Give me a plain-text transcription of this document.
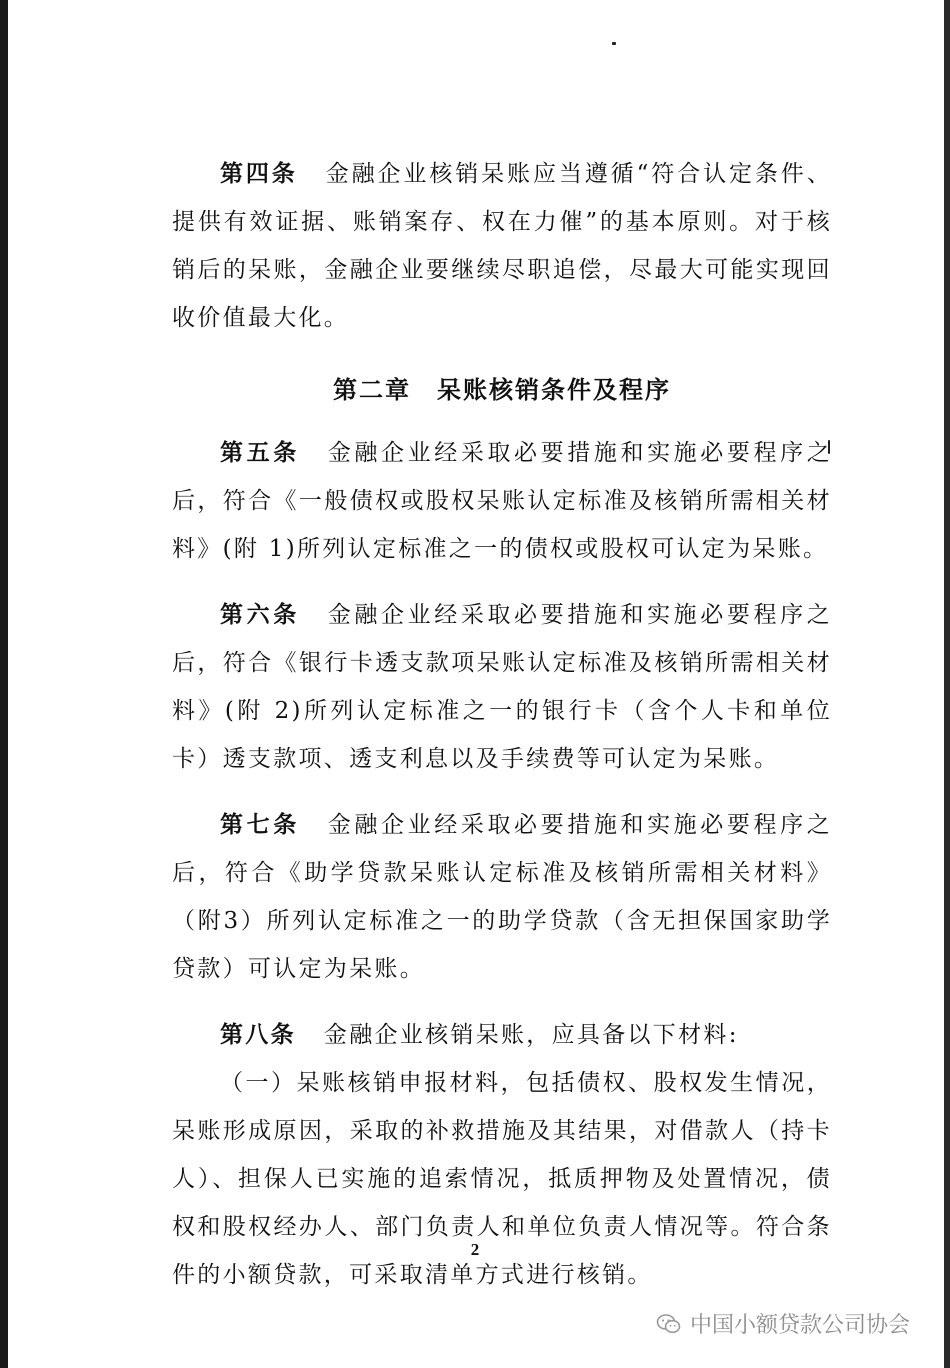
第四条 金融企业核销呆账应当遵循“符合认定条件、提供有效证据、账销案存、权在力催”的基本原则。对于核销后的呆账，金融企业要继续尽职追偿，尽最大可能实现回收价值最大化。

第二章　呆账核销条件及程序

第五条 金融企业经采取必要措施和实施必要程序之后，符合《一般债权或股权呆账认定标准及核销所需相关材料》(附 1)所列认定标准之一的债权或股权可认定为呆账。

第六条 金融企业经采取必要措施和实施必要程序之后，符合《银行卡透支款项呆账认定标准及核销所需相关材料》(附 2)所列认定标准之一的银行卡（含个人卡和单位卡）透支款项、透支利息以及手续费等可认定为呆账。

第七条 金融企业经采取必要措施和实施必要程序之后，符合《助学贷款呆账认定标准及核销所需相关材料》（附3）所列认定标准之一的助学贷款（含无担保国家助学贷款）可认定为呆账。

第八条 金融企业核销呆账，应具备以下材料:

（一）呆账核销申报材料，包括债权、股权发生情况，呆账形成原因，采取的补救措施及其结果，对借款人（持卡人）、担保人已实施的追索情况，抵质押物及处置情况，债权和股权经办人、部门负责人和单位负责人情况等。符合条件的小额贷款，可采取清单方式进行核销。

2
中国小额贷款公司协会
